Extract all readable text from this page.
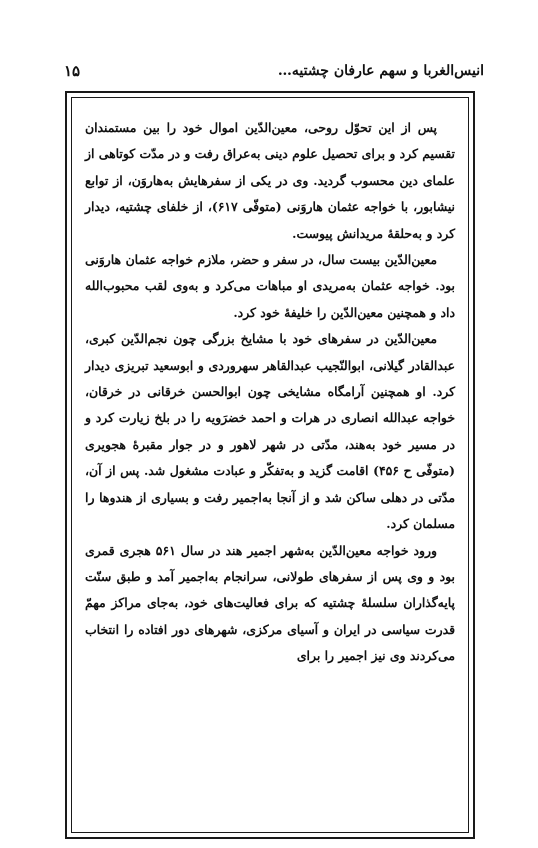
انیس‌الغربا و سهم عارفان چشتیه…
۱۵

پس از این تحوّل روحی، معین‌الدّین اموال خود را بین مستمندان تقسیم کرد و برای تحصیل علوم دینی به‌عراق رفت و در مدّت کوتاهی از علمای دین محسوب گردید. وی در یکی از سفرهایش به‌هاروَن، از توابع نیشابور، با خواجه عثمان هاروَنی (متوفّی ۶۱۷)، از خلفای چشتیه، دیدار کرد و به‌حلقهٔ مریدانش پیوست.

معین‌الدّین بیست سال، در سفر و حضر، ملازم خواجه عثمان هاروَنی بود. خواجه عثمان به‌مریدی او مباهات می‌کرد و به‌وی لقب محبوب‌الله داد و همچنین معین‌الدّین را خلیفهٔ خود کرد.

معین‌الدّین در سفرهای خود با مشایخ بزرگی چون نجم‌الدّین کبری، عبدالقادر گیلانی، ابوالنّجیب عبدالقاهر سهروردی و ابوسعید تبریزی دیدار کرد. او همچنین آرامگاه مشایخی چون ابوالحسن خرقانی در خرقان، خواجه عبدالله انصاری در هرات و احمد خضرَویه را در بلخ زیارت کرد و در مسیر خود به‌هند، مدّتی در شهر لاهور و در جوار مقبرهٔ هجویری (متوفّی ح ۴۵۶) اقامت گزید و به‌تفکّر و عبادت مشغول شد. پس از آن، مدّتی در دهلی ساکن شد و از آنجا به‌اجمیر رفت و بسیاری از هندوها را مسلمان کرد.

ورود خواجه معین‌الدّین به‌شهر اجمیر هند در سال ۵۶۱ هجری قمری بود و وی پس از سفرهای طولانی، سرانجام به‌اجمیر آمد و طبق سنّت پایه‌گذاران سلسلهٔ چشتیه که برای فعالیت‌های خود، به‌جای مراکز مهمّ قدرت سیاسی در ایران و آسیای مرکزی، شهرهای دور افتاده را انتخاب می‌کردند وی نیز اجمیر را برای
